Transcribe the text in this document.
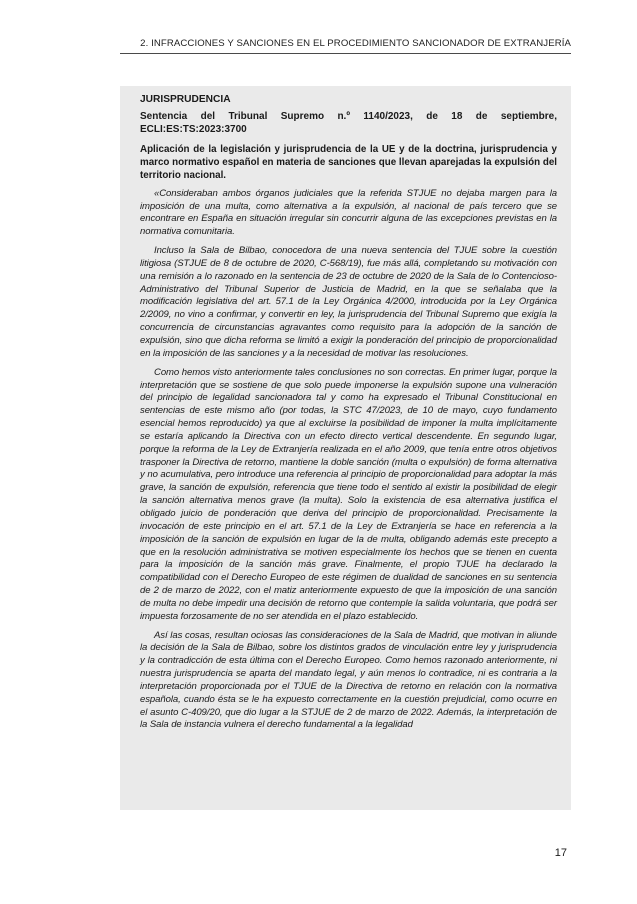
2. INFRACCIONES Y SANCIONES EN EL PROCEDIMIENTO SANCIONADOR DE EXTRANJERÍA
JURISPRUDENCIA
Sentencia del Tribunal Supremo n.º 1140/2023, de 18 de septiembre, ECLI:ES:TS:2023:3700
Aplicación de la legislación y jurisprudencia de la UE y de la doctrina, jurisprudencia y marco normativo español en materia de sanciones que llevan aparejadas la expulsión del territorio nacional.

«Consideraban ambos órganos judiciales que la referida STJUE no dejaba margen para la imposición de una multa, como alternativa a la expulsión, al nacional de país tercero que se encontrare en España en situación irregular sin concurrir alguna de las excepciones previstas en la normativa comunitaria.

Incluso la Sala de Bilbao, conocedora de una nueva sentencia del TJUE sobre la cuestión litigiosa (STJUE de 8 de octubre de 2020, C-568/19), fue más allá, completando su motivación con una remisión a lo razonado en la sentencia de 23 de octubre de 2020 de la Sala de lo Contencioso-Administrativo del Tribunal Superior de Justicia de Madrid, en la que se señalaba que la modificación legislativa del art. 57.1 de la Ley Orgánica 4/2000, introducida por la Ley Orgánica 2/2009, no vino a confirmar, y convertir en ley, la jurisprudencia del Tribunal Supremo que exigía la concurrencia de circunstancias agravantes como requisito para la adopción de la sanción de expulsión, sino que dicha reforma se limitó a exigir la ponderación del principio de proporcionalidad en la imposición de las sanciones y a la necesidad de motivar las resoluciones.

Como hemos visto anteriormente tales conclusiones no son correctas. En primer lugar, porque la interpretación que se sostiene de que solo puede imponerse la expulsión supone una vulneración del principio de legalidad sancionadora tal y como ha expresado el Tribunal Constitucional en sentencias de este mismo año (por todas, la STC 47/2023, de 10 de mayo, cuyo fundamento esencial hemos reproducido) ya que al excluirse la posibilidad de imponer la multa implícitamente se estaría aplicando la Directiva con un efecto directo vertical descendente. En segundo lugar, porque la reforma de la Ley de Extranjería realizada en el año 2009, que tenía entre otros objetivos trasponer la Directiva de retorno, mantiene la doble sanción (multa o expulsión) de forma alternativa y no acumulativa, pero introduce una referencia al principio de proporcionalidad para adoptar la más grave, la sanción de expulsión, referencia que tiene todo el sentido al existir la posibilidad de elegir la sanción alternativa menos grave (la multa). Solo la existencia de esa alternativa justifica el obligado juicio de ponderación que deriva del principio de proporcionalidad. Precisamente la invocación de este principio en el art. 57.1 de la Ley de Extranjería se hace en referencia a la imposición de la sanción de expulsión en lugar de la de multa, obligando además este precepto a que en la resolución administrativa se motiven especialmente los hechos que se tienen en cuenta para la imposición de la sanción más grave. Finalmente, el propio TJUE ha declarado la compatibilidad con el Derecho Europeo de este régimen de dualidad de sanciones en su sentencia de 2 de marzo de 2022, con el matiz anteriormente expuesto de que la imposición de una sanción de multa no debe impedir una decisión de retorno que contemple la salida voluntaria, que podrá ser impuesta forzosamente de no ser atendida en el plazo establecido.

Así las cosas, resultan ociosas las consideraciones de la Sala de Madrid, que motivan in aliunde la decisión de la Sala de Bilbao, sobre los distintos grados de vinculación entre ley y jurisprudencia y la contradicción de esta última con el Derecho Europeo. Como hemos razonado anteriormente, ni nuestra jurisprudencia se aparta del mandato legal, y aún menos lo contradice, ni es contraria a la interpretación proporcionada por el TJUE de la Directiva de retorno en relación con la normativa española, cuando ésta se le ha expuesto correctamente en la cuestión prejudicial, como ocurre en el asunto C-409/20, que dio lugar a la STJUE de 2 de marzo de 2022. Además, la interpretación de la Sala de instancia vulnera el derecho fundamental a la legalidad

17
